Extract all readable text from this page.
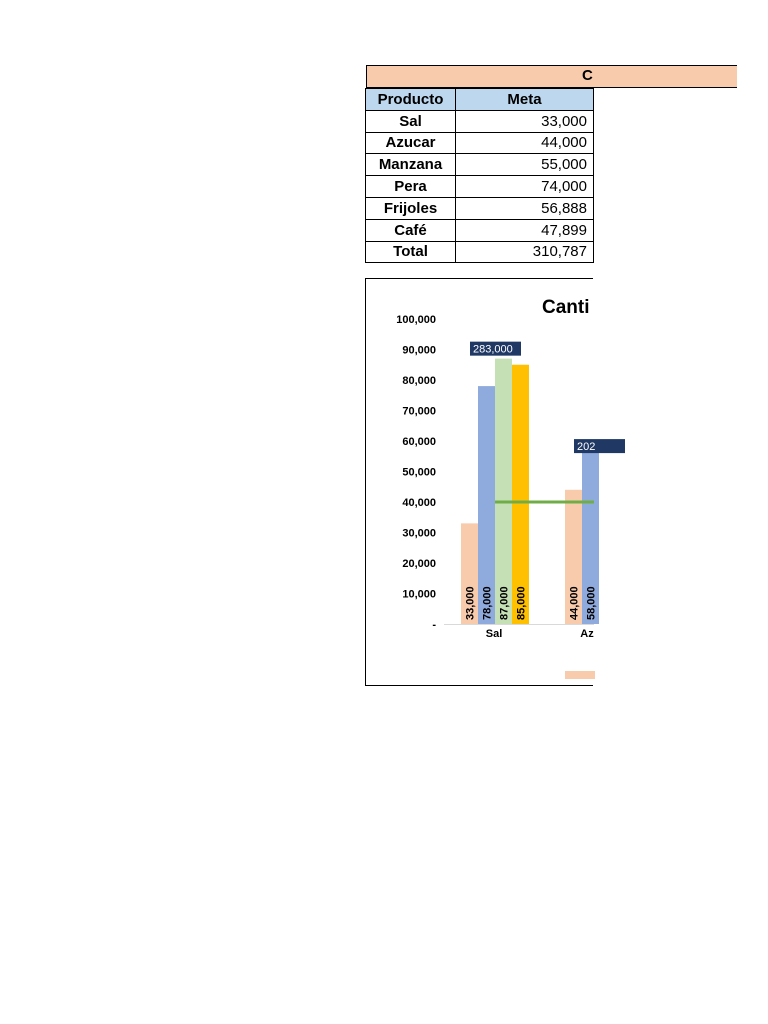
C
Producto	Meta
Sal	33,000
Azucar	44,000
Manzana	55,000
Pera	74,000
Frijoles	56,888
Café	47,899
Total	310,787
Canti
100,000
90,000
80,000
70,000
60,000
50,000
40,000
30,000
20,000
10,000
-
33,000 78,000 87,000 85,000
283,000
44,000 58,000
202
Sal	Az
